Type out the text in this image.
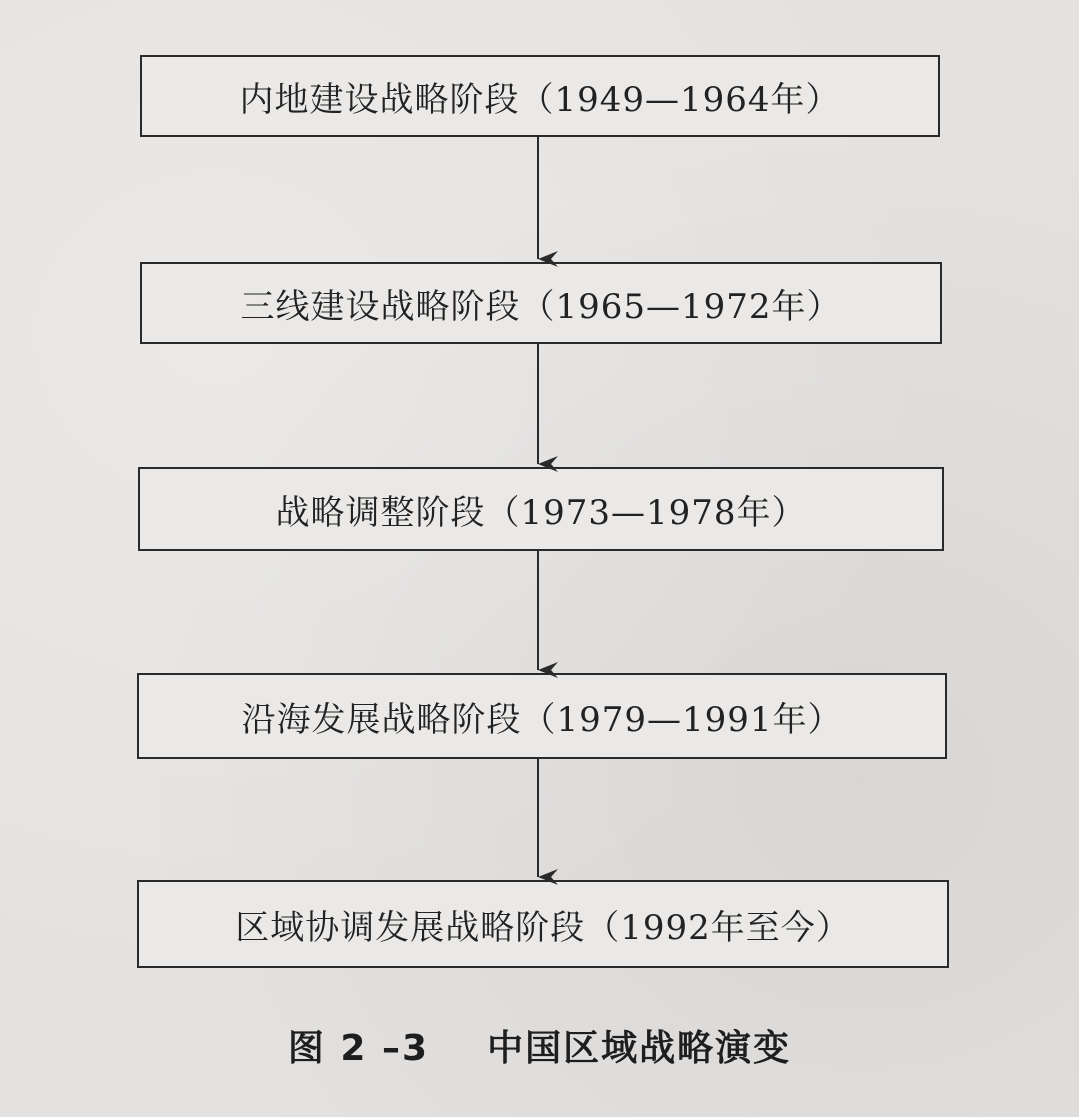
内地建设战略阶段（1949—1964年）
三线建设战略阶段（1965—1972年）
战略调整阶段（1973—1978年）
沿海发展战略阶段（1979—1991年）
区域协调发展战略阶段（1992年至今）
图 2 –3 中国区域战略演变
